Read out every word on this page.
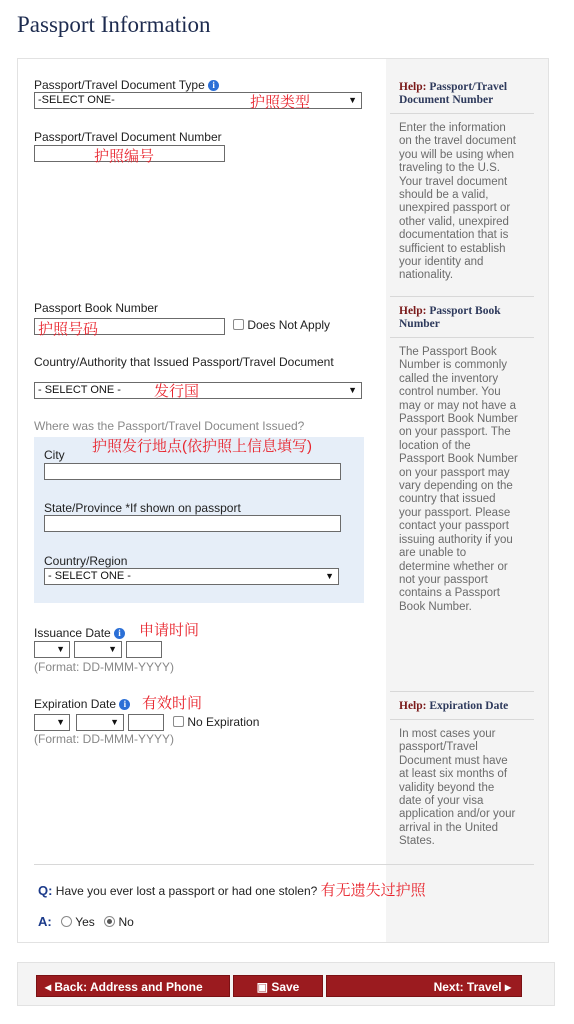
Passport Information
Passport/Travel Document Type i
-SELECT ONE-	▼
护照类型
Passport/Travel Document Number
护照编号
Passport Book Number
护照号码	Does Not Apply
Country/Authority that Issued Passport/Travel Document
- SELECT ONE -	▼
发行国
Where was the Passport/Travel Document Issued?
护照发行地点(依护照上信息填写)
City
State/Province *If shown on passport
Country/Region
- SELECT ONE -	▼
Issuance Date i 申请时间
▼	▼
(Format: DD-MMM-YYYY)
Expiration Date i 有效时间
▼	▼	No Expiration
(Format: DD-MMM-YYYY)
Help: Passport/Travel Document Number
Enter the information
on the travel document
you will be using when
traveling to the U.S.
Your travel document
should be a valid,
unexpired passport or
other valid, unexpired
documentation that is
sufficient to establish
your identity and
nationality.
Help: Passport Book Number
The Passport Book
Number is commonly
called the inventory
control number. You
may or may not have a
Passport Book Number
on your passport. The
location of the
Passport Book Number
on your passport may
vary depending on the
country that issued
your passport. Please
contact your passport
issuing authority if you
are unable to
determine whether or
not your passport
contains a Passport
Book Number.
Help: Expiration Date
In most cases your
passport/Travel
Document must have
at least six months of
validity beyond the
date of your visa
application and/or your
arrival in the United
States.
Q: Have you ever lost a passport or had one stolen? 有无遗失过护照
A: Yes No
◂ Back: Address and Phone	▣ Save	Next: Travel ▸
